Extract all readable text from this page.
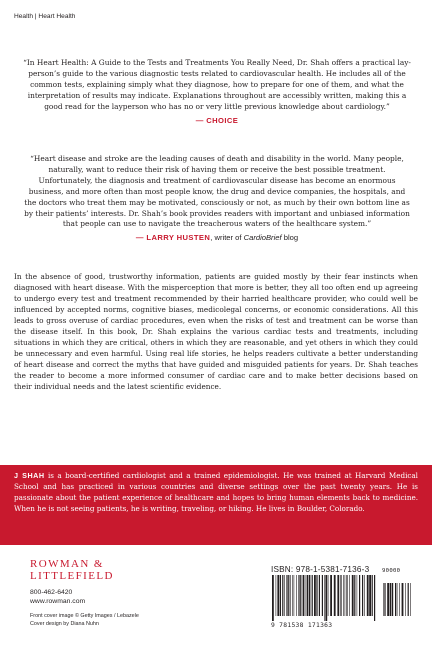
Health | Heart Health
“In Heart Health: A Guide to the Tests and Treatments You Really Need, Dr. Shah offers a practical lay-person’s guide to the various diagnostic tests related to cardiovascular health. He includes all of the common tests, explaining simply what they diagnose, how to prepare for one of them, and what the interpretation of results may indicate. Explanations throughout are accessibly written, making this a good read for the layperson who has no or very little previous knowledge about cardiology.”
— CHOICE
“Heart disease and stroke are the leading causes of death and disability in the world. Many people, naturally, want to reduce their risk of having them or receive the best possible treatment. Unfortunately, the diagnosis and treatment of cardiovascular disease has become an enormous business, and more often than most people know, the drug and device companies, the hospitals, and the doctors who treat them may be motivated, consciously or not, as much by their own bottom line as by their patients’ interests. Dr. Shah’s book provides readers with important and unbiased information that people can use to navigate the treacherous waters of the healthcare system.”
— LARRY HUSTEN, writer of CardioBrief blog
In the absence of good, trustworthy information, patients are guided mostly by their fear instincts when diagnosed with heart disease. With the misperception that more is better, they all too often end up agreeing to undergo every test and treatment recommended by their harried healthcare provider, who could well be influenced by accepted norms, cognitive biases, medicolegal concerns, or economic considerations. All this leads to gross overuse of cardiac procedures, even when the risks of test and treatment can be worse than the disease itself. In this book, Dr. Shah explains the various cardiac tests and treatments, including situations in which they are critical, others in which they are reasonable, and yet others in which they could be unnecessary and even harmful. Using real life stories, he helps readers cultivate a better understanding of heart disease and correct the myths that have guided and misguided patients for years. Dr. Shah teaches the reader to become a more informed consumer of cardiac care and to make better decisions based on their individual needs and the latest scientific evidence.
J SHAH is a board-certified cardiologist and a trained epidemiologist. He was trained at Harvard Medical School and has practiced in various countries and diverse settings over the past twenty years. He is passionate about the patient experience of healthcare and hopes to bring human elements back to medicine. When he is not seeing patients, he is writing, traveling, or hiking. He lives in Boulder, Colorado.
ROWMAN &
LITTLEFIELD
800-462-6420
www.rowman.com
Front cover image © Getty Images / Lebazele
Cover design by Diana Nuhn
ISBN: 978-1-5381-7136-3
9 781538 171363
90000
